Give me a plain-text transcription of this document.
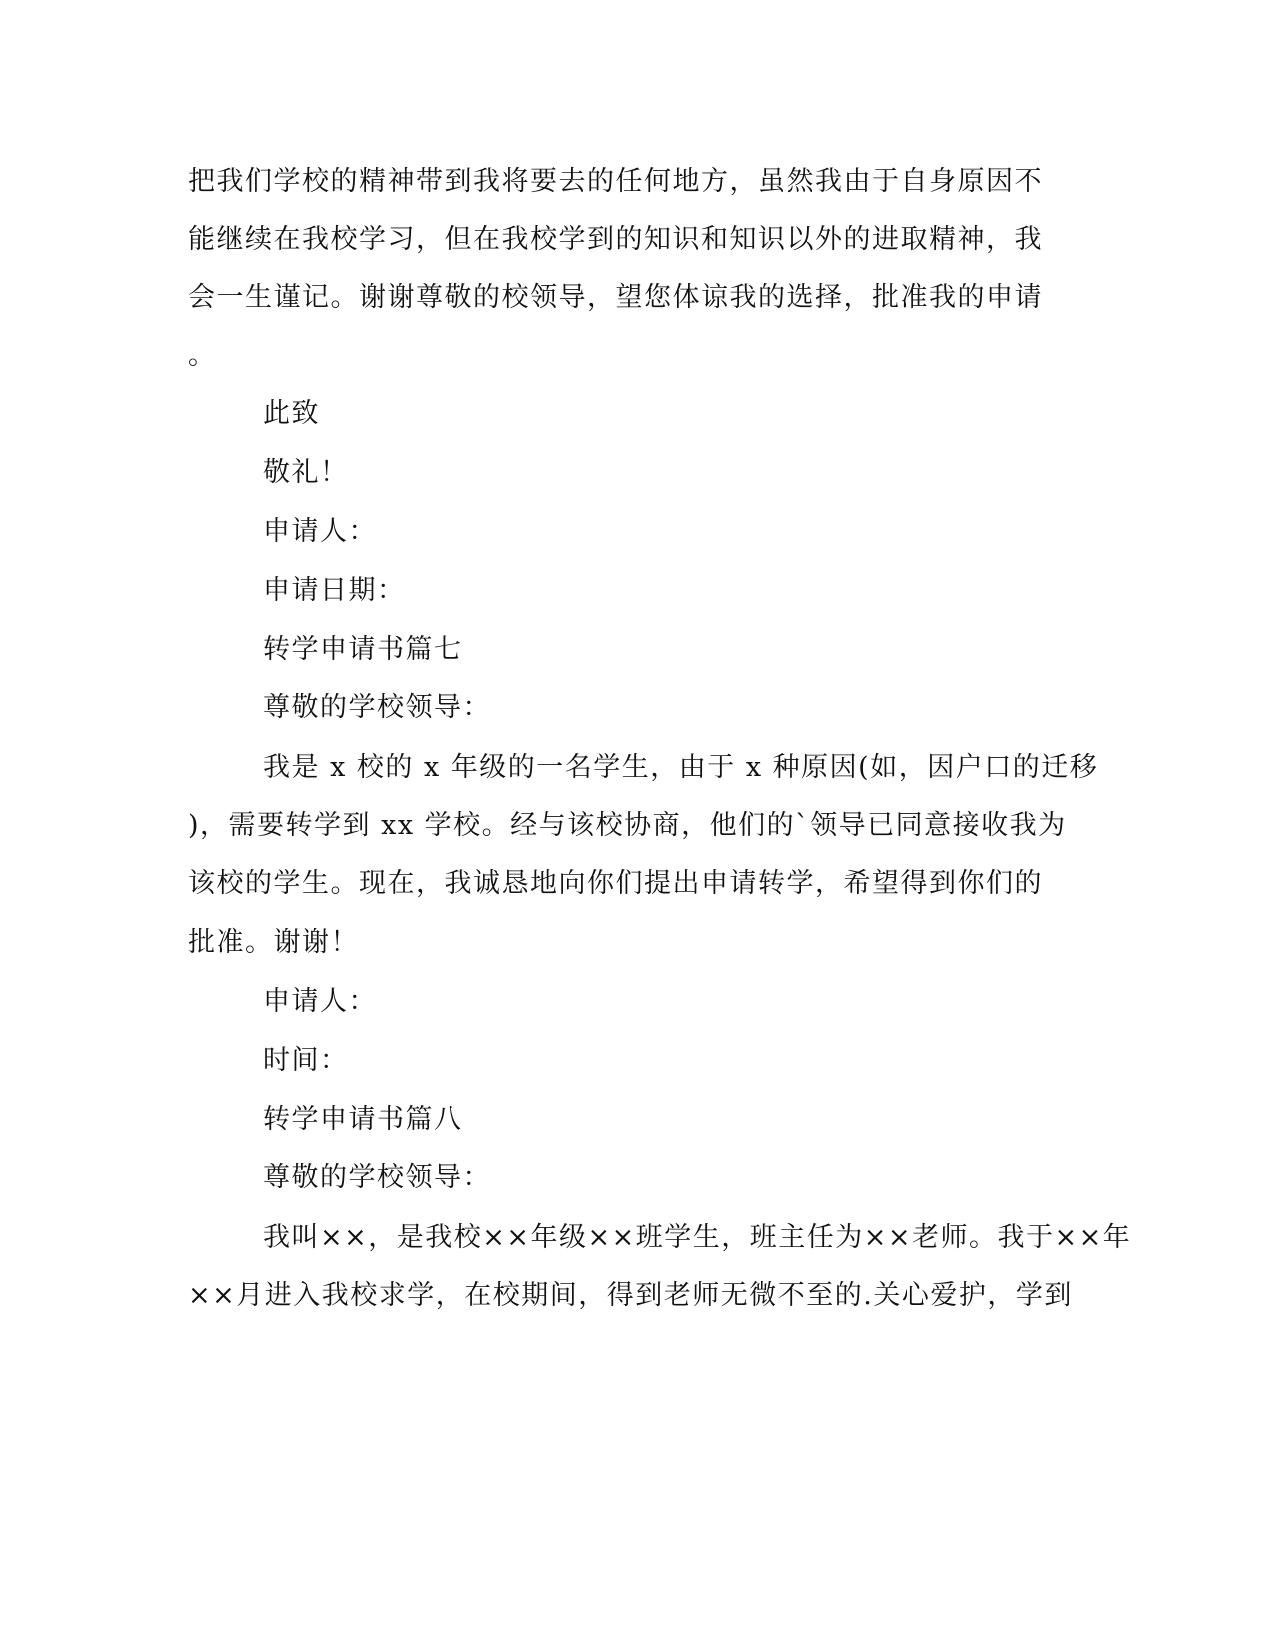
把我们学校的精神带到我将要去的任何地方，虽然我由于自身原因不
能继续在我校学习，但在我校学到的知识和知识以外的进取精神，我
会一生谨记。谢谢尊敬的校领导，望您体谅我的选择，批准我的申请
。
此致
敬礼！
申请人：
申请日期：
转学申请书篇七
尊敬的学校领导：
我是 x 校的 x 年级的一名学生，由于 x 种原因(如，因户口的迁移
)，需要转学到 xx 学校。经与该校协商，他们的`领导已同意接收我为
该校的学生。现在，我诚恳地向你们提出申请转学，希望得到你们的
批准。谢谢！
申请人：
时间：
转学申请书篇八
尊敬的学校领导：
我叫××，是我校××年级××班学生，班主任为××老师。我于××年
××月进入我校求学，在校期间，得到老师无微不至的.关心爱护，学到
